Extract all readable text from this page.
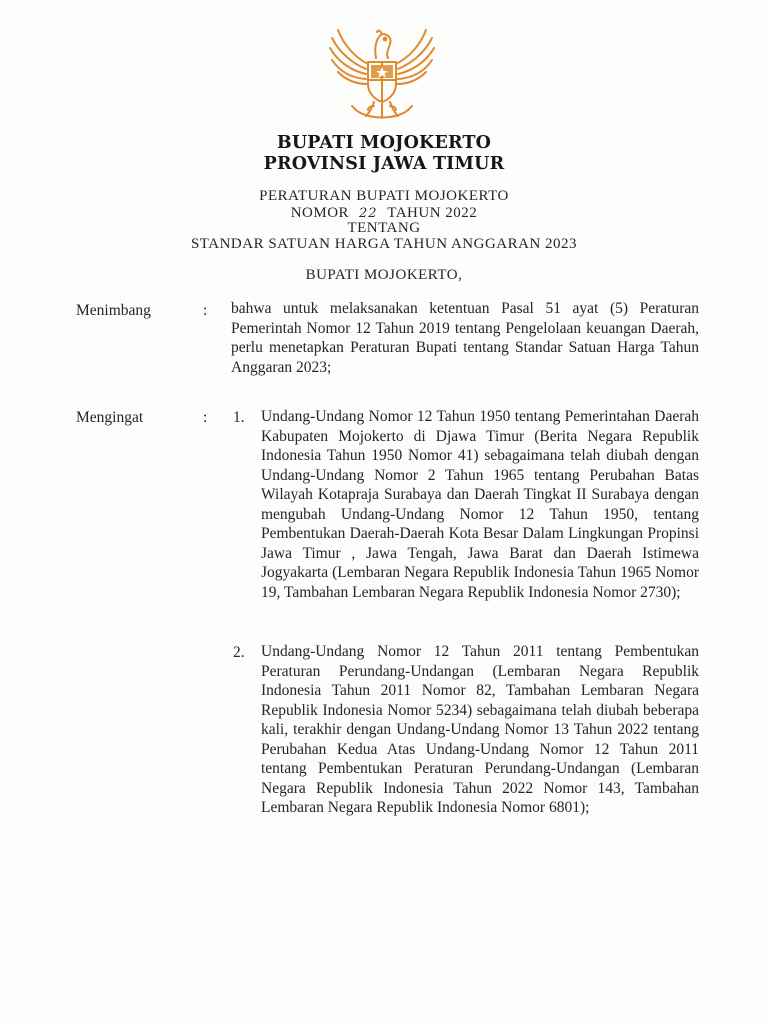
BUPATI MOJOKERTO
PROVINSI JAWA TIMUR
PERATURAN BUPATI MOJOKERTO
NOMOR 22 TAHUN 2022
TENTANG
STANDAR SATUAN HARGA TAHUN ANGGARAN 2023
BUPATI MOJOKERTO,
Menimbang	: bahwa untuk melaksanakan ketentuan Pasal 51 ayat (5) Peraturan Pemerintah Nomor 12 Tahun 2019 tentang Pengelolaan keuangan Daerah, perlu menetapkan Peraturan Bupati tentang Standar Satuan Harga Tahun Anggaran 2023;

Mengingat	: 1. Undang-Undang Nomor 12 Tahun 1950 tentang Pemerintahan Daerah Kabupaten Mojokerto di Djawa Timur (Berita Negara Republik Indonesia Tahun 1950 Nomor 41) sebagaimana telah diubah dengan Undang-Undang Nomor 2 Tahun 1965 tentang Perubahan Batas Wilayah Kotapraja Surabaya dan Daerah Tingkat II Surabaya dengan mengubah Undang-Undang Nomor 12 Tahun 1950, tentang Pembentukan Daerah-Daerah Kota Besar Dalam Lingkungan Propinsi Jawa Timur , Jawa Tengah, Jawa Barat dan Daerah Istimewa Jogyakarta (Lembaran Negara Republik Indonesia Tahun 1965 Nomor 19, Tambahan Lembaran Negara Republik Indonesia Nomor 2730);

2. Undang-Undang Nomor 12 Tahun 2011 tentang Pembentukan Peraturan Perundang-Undangan (Lembaran Negara Republik Indonesia Tahun 2011 Nomor 82, Tambahan Lembaran Negara Republik Indonesia Nomor 5234) sebagaimana telah diubah beberapa kali, terakhir dengan Undang-Undang Nomor 13 Tahun 2022 tentang Perubahan Kedua Atas Undang-Undang Nomor 12 Tahun 2011 tentang Pembentukan Peraturan Perundang-Undangan (Lembaran Negara Republik Indonesia Tahun 2022 Nomor 143, Tambahan Lembaran Negara Republik Indonesia Nomor 6801);
